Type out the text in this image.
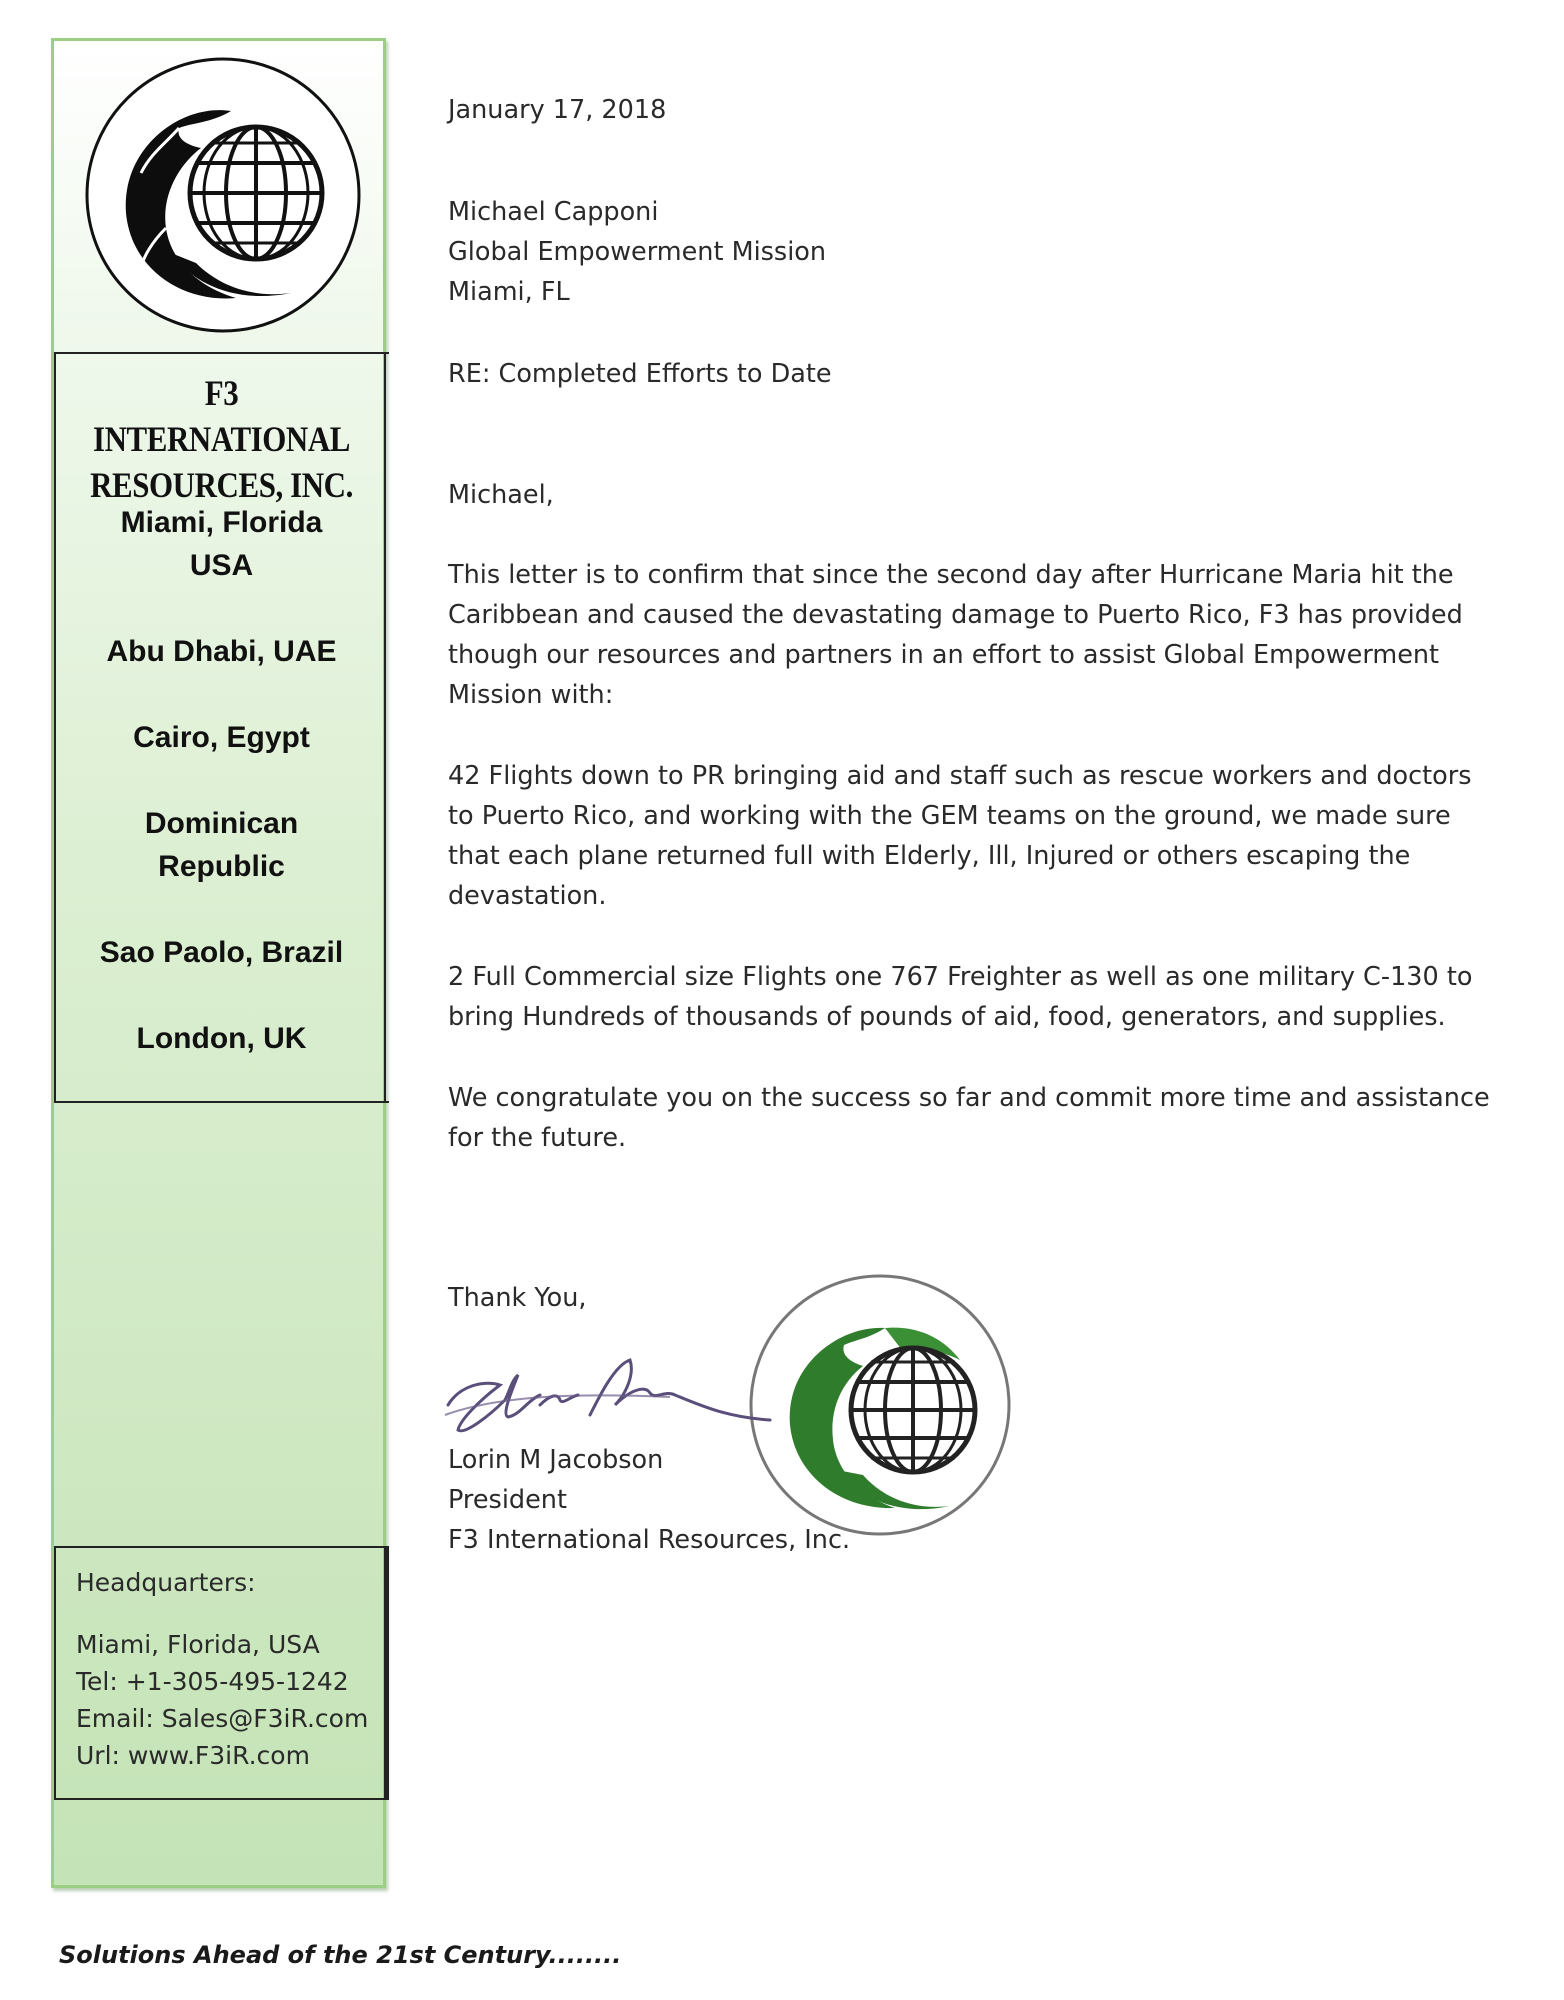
F3 INTERNATIONAL
RESOURCES, INC.
Miami, Florida
USA
Abu Dhabi, UAE
Cairo, Egypt
Dominican
Republic
Sao Paolo, Brazil
London, UK
Headquarters:
Miami, Florida, USA
Tel: +1-305-495-1242
Email: Sales@F3iR.com
Url: www.F3iR.com

January 17, 2018

Michael Capponi

Global Empowerment Mission

Miami, FL

RE: Completed Efforts to Date

Michael,

This letter is to confirm that since the second day after Hurricane Maria hit the Caribbean and caused the devastating damage to Puerto Rico, F3 has provided though our resources and partners in an effort to assist Global Empowerment Mission with:

42 Flights down to PR bringing aid and staff such as rescue workers and doctors to Puerto Rico, and working with the GEM teams on the ground, we made sure that each plane returned full with Elderly, Ill, Injured or others escaping the devastation.

2 Full Commercial size Flights one 767 Freighter as well as one military C-130 to bring Hundreds of thousands of pounds of aid, food, generators, and supplies.

We congratulate you on the success so far and commit more time and assistance for the future.

Thank You,

Lorin M Jacobson

President

F3 International Resources, Inc.

Solutions Ahead of the 21st Century........
